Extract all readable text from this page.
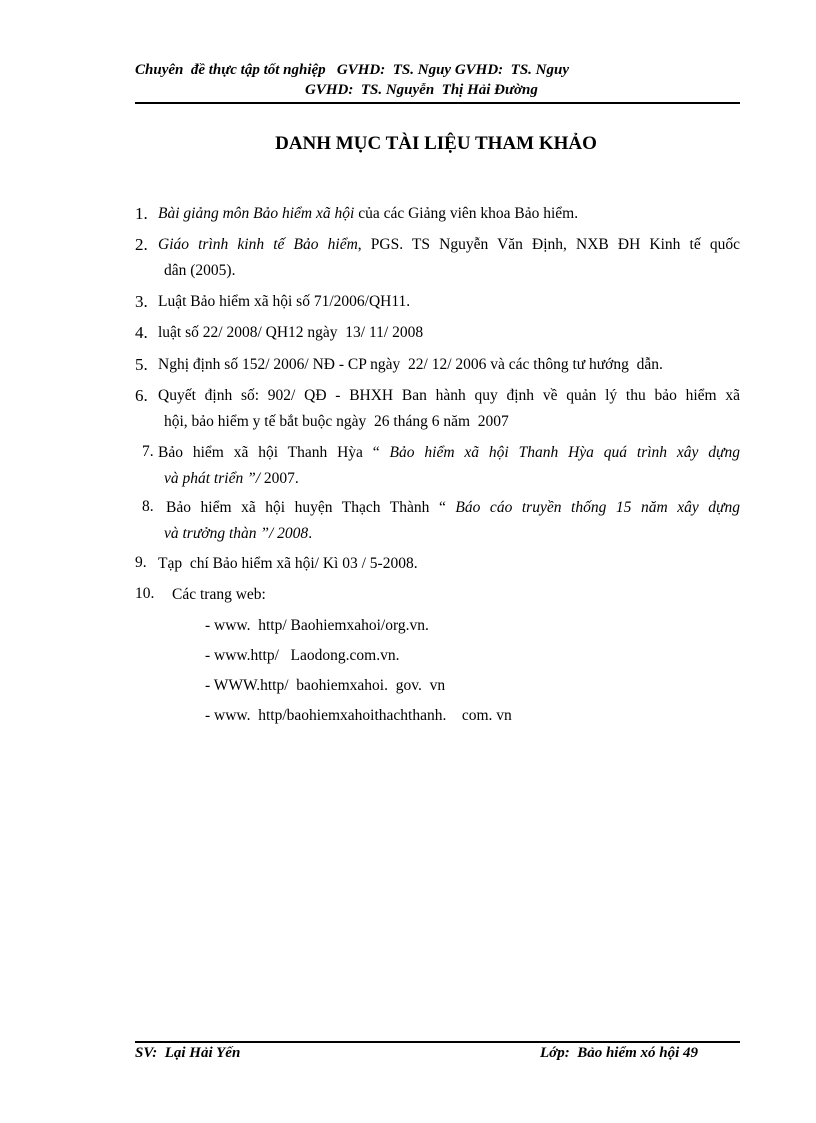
Chuyên  đề thực tập tốt nghiệp   GVHD:  TS. Nguy GVHD:  TS. Nguy
GVHD:  TS. Nguyễn  Thị Hải Đường
DANH MỤC TÀI LIỆU THAM KHẢO
1. Bài giảng môn Bảo hiểm xã hội của các Giảng viên khoa Bảo hiểm.
2. Giáo trình kinh tế Bảo hiểm, PGS. TS Nguyễn Văn Định, NXB ĐH Kinh tế quốc
dân (2005).
3. Luật Bảo hiểm xã hội số 71/2006/QH11.
4. luật số 22/ 2008/ QH12 ngày  13/ 11/ 2008
5. Nghị định số 152/ 2006/ NĐ - CP ngày  22/ 12/ 2006 và các thông tư hướng  dẫn.
6. Quyết định số: 902/ QĐ - BHXH Ban hành quy định về quản lý thu bảo hiểm xã
hội, bảo hiểm y tế bắt buộc ngày  26 tháng 6 năm  2007
7. Bảo hiểm xã hội Thanh Hỳa “ Bảo hiểm xã hội Thanh Hỳa quá trình xây dựng
và phát triển ”/ 2007.
8. Bảo hiểm xã hội huyện Thạch Thành “ Báo cáo truyền thống 15 năm xây dựng
và trưởng thàn ”/ 2008.
9. Tạp  chí Bảo hiểm xã hội/ Kì 03 / 5-2008.
10. Các trang web:
- www.  http/ Baohiemxahoi/org.vn.
- www.http/   Laodong.com.vn.
- WWW.http/  baohiemxahoi.  gov.  vn
- www.  http/baohiemxahoithachthanh.    com. vn
SV:  Lại Hải Yến	Lớp:  Bảo hiểm xó hội 49
